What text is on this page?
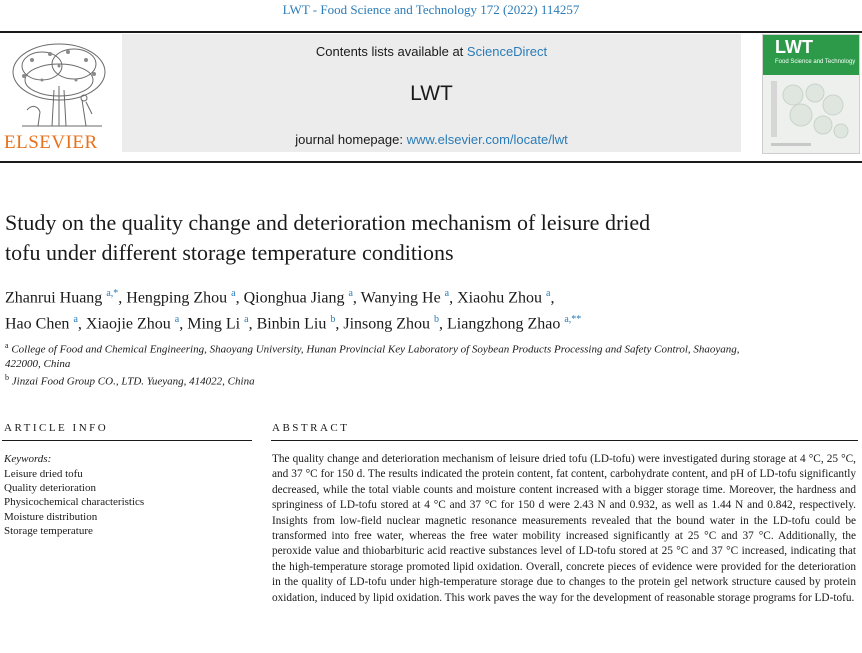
LWT - Food Science and Technology 172 (2022) 114257
ELSEVIER
Contents lists available at ScienceDirect
LWT
journal homepage: www.elsevier.com/locate/lwt
LWT
Food Science and Technology
Study on the quality change and deterioration mechanism of leisure dried
tofu under different storage temperature conditions
Zhanrui Huang $^{a,*}$, Hengping Zhou $^a$, Qionghua Jiang $^a$, Wanying He $^a$, Xiaohu Zhou $^a$,
Hao Chen $^a$, Xiaojie Zhou $^a$, Ming Li $^a$, Binbin Liu $^b$, Jinsong Zhou $^b$, Liangzhong Zhao $^{a,**}$
$^a$ College of Food and Chemical Engineering, Shaoyang University, Hunan Provincial Key Laboratory of Soybean Products Processing and Safety Control, Shaoyang, 422000, China
$^b$ Jinzai Food Group CO., LTD. Yueyang, 414022, China
ARTICLE INFO
Keywords:
Leisure dried tofu
Quality deterioration
Physicochemical characteristics
Moisture distribution
Storage temperature
ABSTRACT
The quality change and deterioration mechanism of leisure dried tofu (LD-tofu) were investigated during storage at 4 °C, 25 °C, and 37 °C for 150 d. The results indicated the protein content, fat content, carbohydrate content, and pH of LD-tofu significantly decreased, while the total viable counts and moisture content increased with a bigger storage time. Moreover, the hardness and springiness of LD-tofu stored at 4 °C and 37 °C for 150 d were 2.43 N and 0.932, as well as 1.44 N and 0.842, respectively. Insights from low-field nuclear magnetic resonance measurements revealed that the bound water in the LD-tofu could be transformed into free water, whereas the free water mobility increased significantly at 25 °C and 37 °C. Additionally, the peroxide value and thiobarbituric acid reactive substances level of LD-tofu stored at 25 °C and 37 °C increased, indicating that the high-temperature storage promoted lipid oxidation. Overall, concrete pieces of evidence were provided for the deterioration in the quality of LD-tofu under high-temperature storage due to changes to the protein gel network structure caused by protein oxidation, induced by lipid oxidation. This work paves the way for the development of reasonable storage programs for LD-tofu.
